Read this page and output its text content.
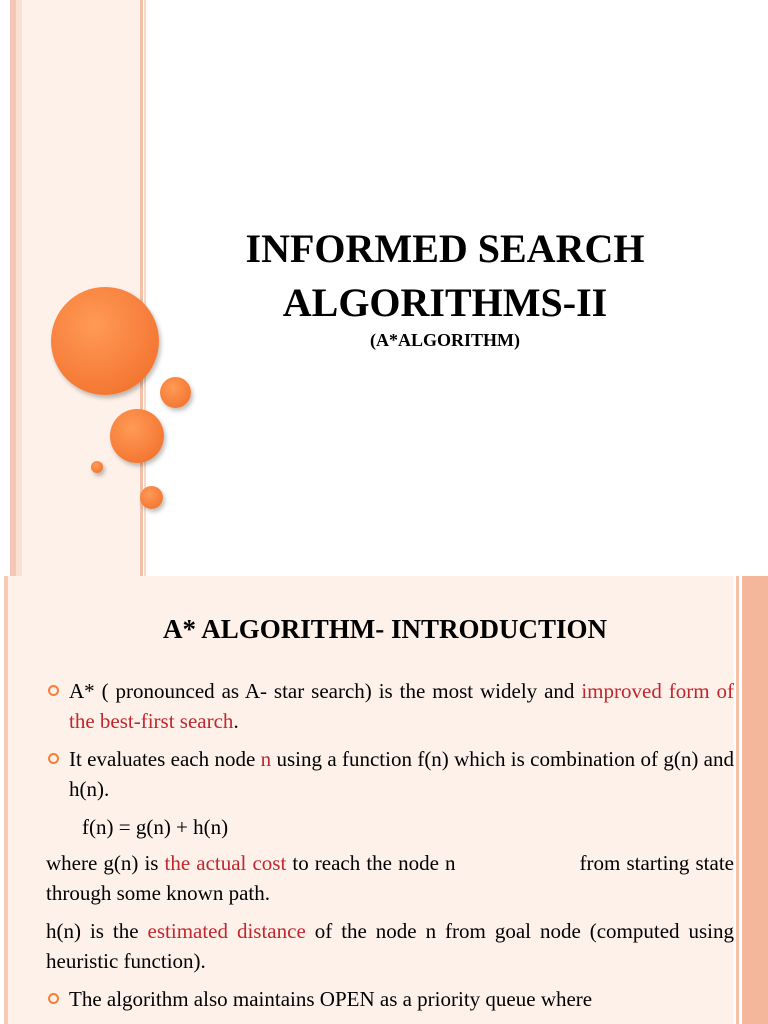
INFORMED SEARCH
ALGORITHMS-II
(A*ALGORITHM)
A* ALGORITHM- INTRODUCTION
A* ( pronounced as A- star search) is the most widely and improved form of the best-first search.
It evaluates each node n using a function f(n) which is combination of g(n) and h(n).
f(n) = g(n) + h(n)
where g(n) is the actual cost to reach the node n	from starting state through some known path.
h(n) is the estimated distance of the node n from goal node (computed using heuristic function).
The algorithm also maintains OPEN as a priority queue where
